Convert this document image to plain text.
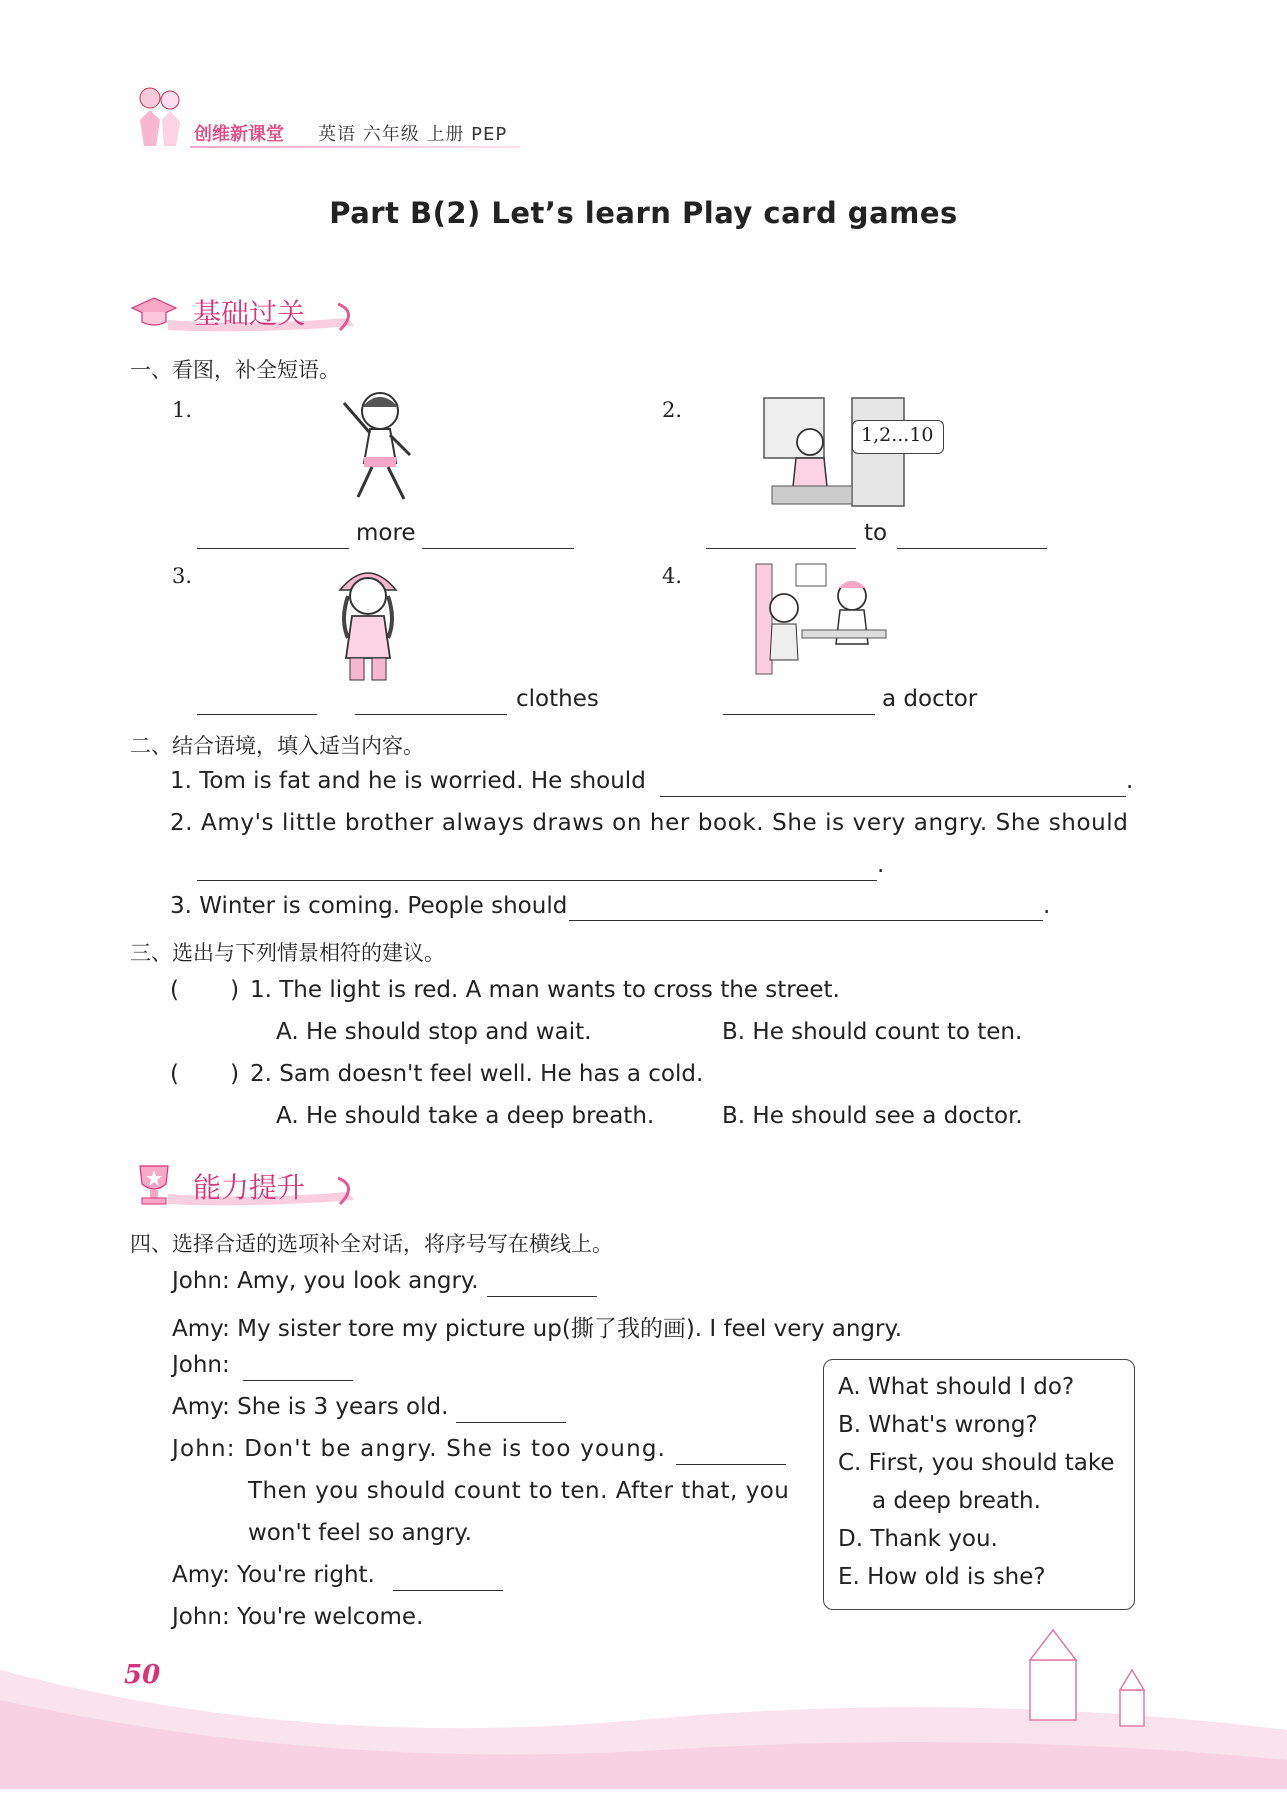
创维新课堂 英语 六年级 上册 PEP
Part B(2) Let’s learn Play card games
基础过关
一、看图，补全短语。
1.
more
2.
1,2...10
to
3.
clothes
4.
a doctor
二、结合语境，填入适当内容。
1. Tom is fat and he is worried. He should	.
2. Amy's little brother always draws on her book. She is very angry. She should
.
3. Winter is coming. People should	.
三、选出与下列情景相符的建议。
(       ) 1. The light is red. A man wants to cross the street.
A. He should stop and wait.	B. He should count to ten.
(       ) 2. Sam doesn't feel well. He has a cold.
A. He should take a deep breath.	B. He should see a doctor.
能力提升
四、选择合适的选项补全对话，将序号写在横线上。
John: Amy, you look angry.
Amy: My sister tore my picture up(撕了我的画). I feel very angry.
John:
Amy: She is 3 years old.
John: Don't be angry. She is too young.
Then you should count to ten. After that, you
won't feel so angry.
Amy: You're right.
John: You're welcome.
A. What should I do?
B. What's wrong?
C. First, you should take
a deep breath.
D. Thank you.
E. How old is she?
50
